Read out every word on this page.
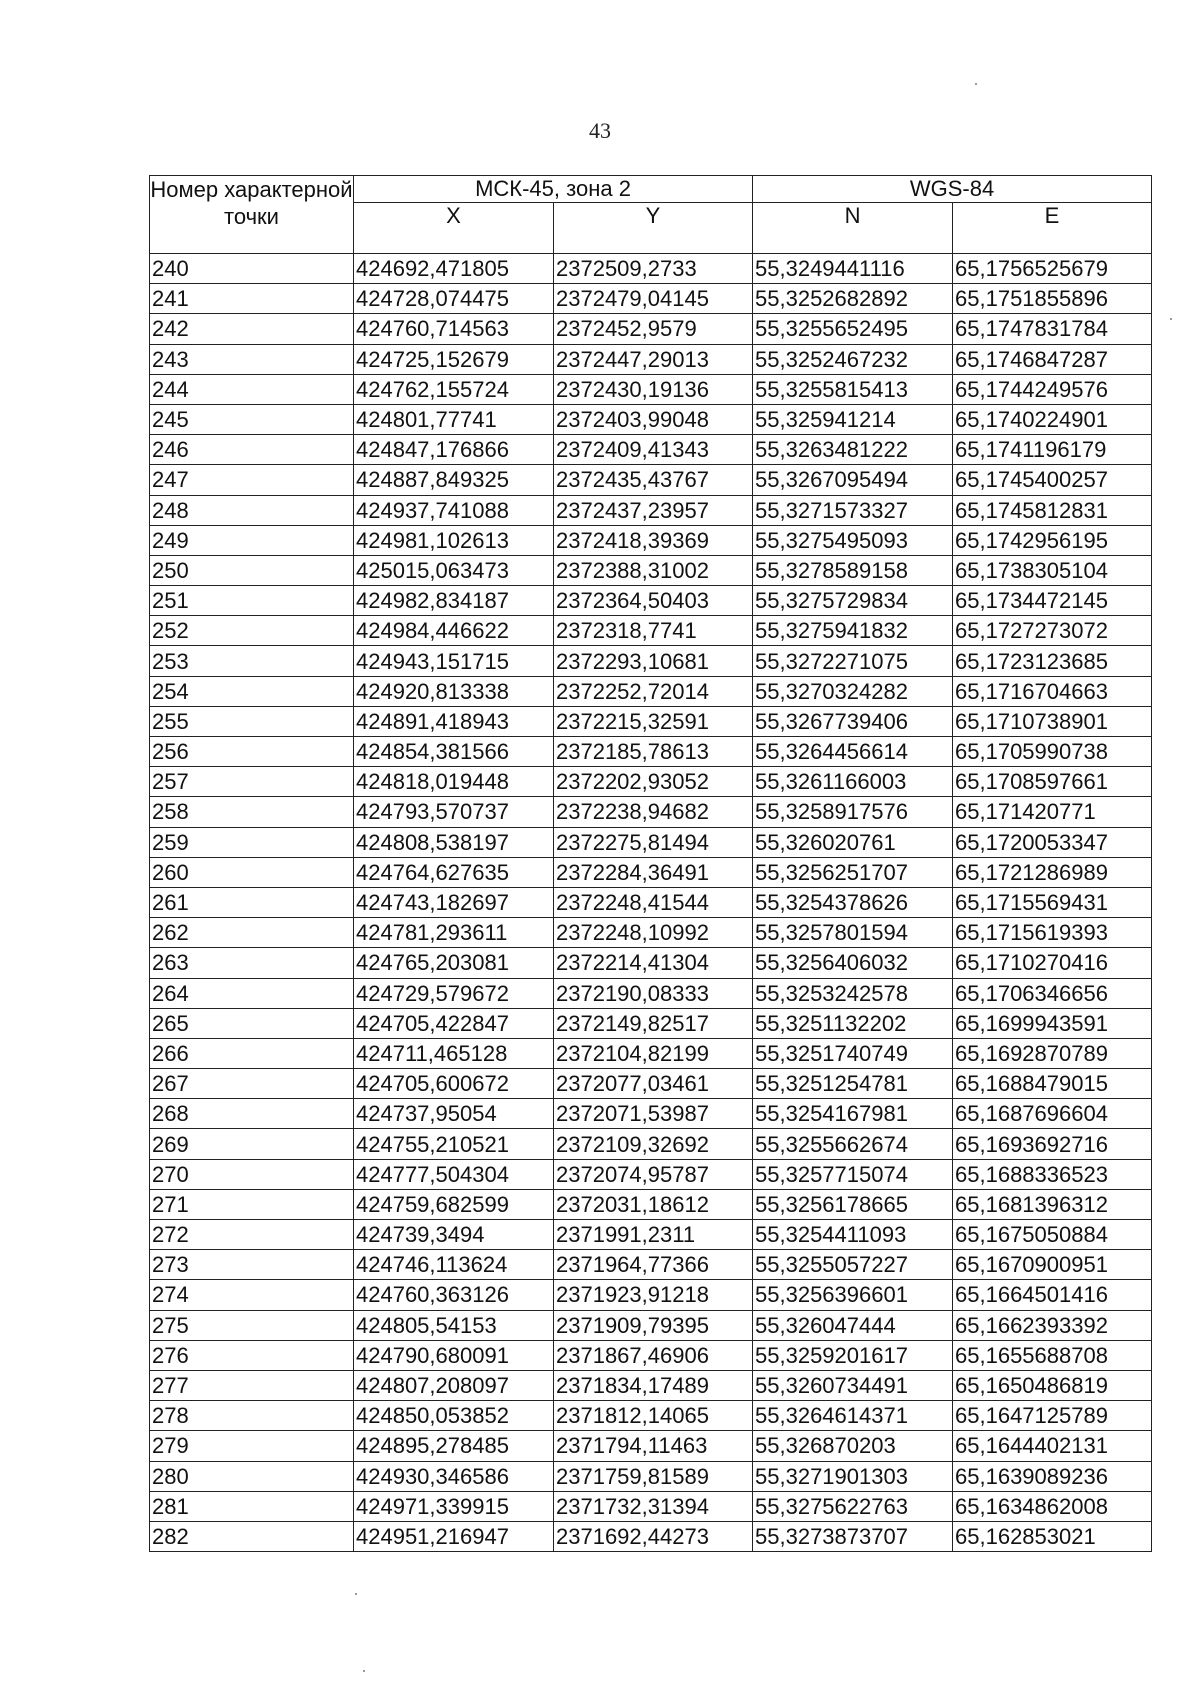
43
Номер характерной точки	МСК-45, зона 2		WGS-84	
	X	Y	N	E
240	424692,471805	2372509,2733	55,3249441116	65,1756525679
241	424728,074475	2372479,04145	55,3252682892	65,1751855896
242	424760,714563	2372452,9579	55,3255652495	65,1747831784
243	424725,152679	2372447,29013	55,3252467232	65,1746847287
244	424762,155724	2372430,19136	55,3255815413	65,1744249576
245	424801,77741	2372403,99048	55,325941214	65,1740224901
246	424847,176866	2372409,41343	55,3263481222	65,1741196179
247	424887,849325	2372435,43767	55,3267095494	65,1745400257
248	424937,741088	2372437,23957	55,3271573327	65,1745812831
249	424981,102613	2372418,39369	55,3275495093	65,1742956195
250	425015,063473	2372388,31002	55,3278589158	65,1738305104
251	424982,834187	2372364,50403	55,3275729834	65,1734472145
252	424984,446622	2372318,7741	55,3275941832	65,1727273072
253	424943,151715	2372293,10681	55,3272271075	65,1723123685
254	424920,813338	2372252,72014	55,3270324282	65,1716704663
255	424891,418943	2372215,32591	55,3267739406	65,1710738901
256	424854,381566	2372185,78613	55,3264456614	65,1705990738
257	424818,019448	2372202,93052	55,3261166003	65,1708597661
258	424793,570737	2372238,94682	55,3258917576	65,171420771
259	424808,538197	2372275,81494	55,326020761	65,1720053347
260	424764,627635	2372284,36491	55,3256251707	65,1721286989
261	424743,182697	2372248,41544	55,3254378626	65,1715569431
262	424781,293611	2372248,10992	55,3257801594	65,1715619393
263	424765,203081	2372214,41304	55,3256406032	65,1710270416
264	424729,579672	2372190,08333	55,3253242578	65,1706346656
265	424705,422847	2372149,82517	55,3251132202	65,1699943591
266	424711,465128	2372104,82199	55,3251740749	65,1692870789
267	424705,600672	2372077,03461	55,3251254781	65,1688479015
268	424737,95054	2372071,53987	55,3254167981	65,1687696604
269	424755,210521	2372109,32692	55,3255662674	65,1693692716
270	424777,504304	2372074,95787	55,3257715074	65,1688336523
271	424759,682599	2372031,18612	55,3256178665	65,1681396312
272	424739,3494	2371991,2311	55,3254411093	65,1675050884
273	424746,113624	2371964,77366	55,3255057227	65,1670900951
274	424760,363126	2371923,91218	55,3256396601	65,1664501416
275	424805,54153	2371909,79395	55,326047444	65,1662393392
276	424790,680091	2371867,46906	55,3259201617	65,1655688708
277	424807,208097	2371834,17489	55,3260734491	65,1650486819
278	424850,053852	2371812,14065	55,3264614371	65,1647125789
279	424895,278485	2371794,11463	55,326870203	65,1644402131
280	424930,346586	2371759,81589	55,3271901303	65,1639089236
281	424971,339915	2371732,31394	55,3275622763	65,1634862008
282	424951,216947	2371692,44273	55,3273873707	65,162853021
